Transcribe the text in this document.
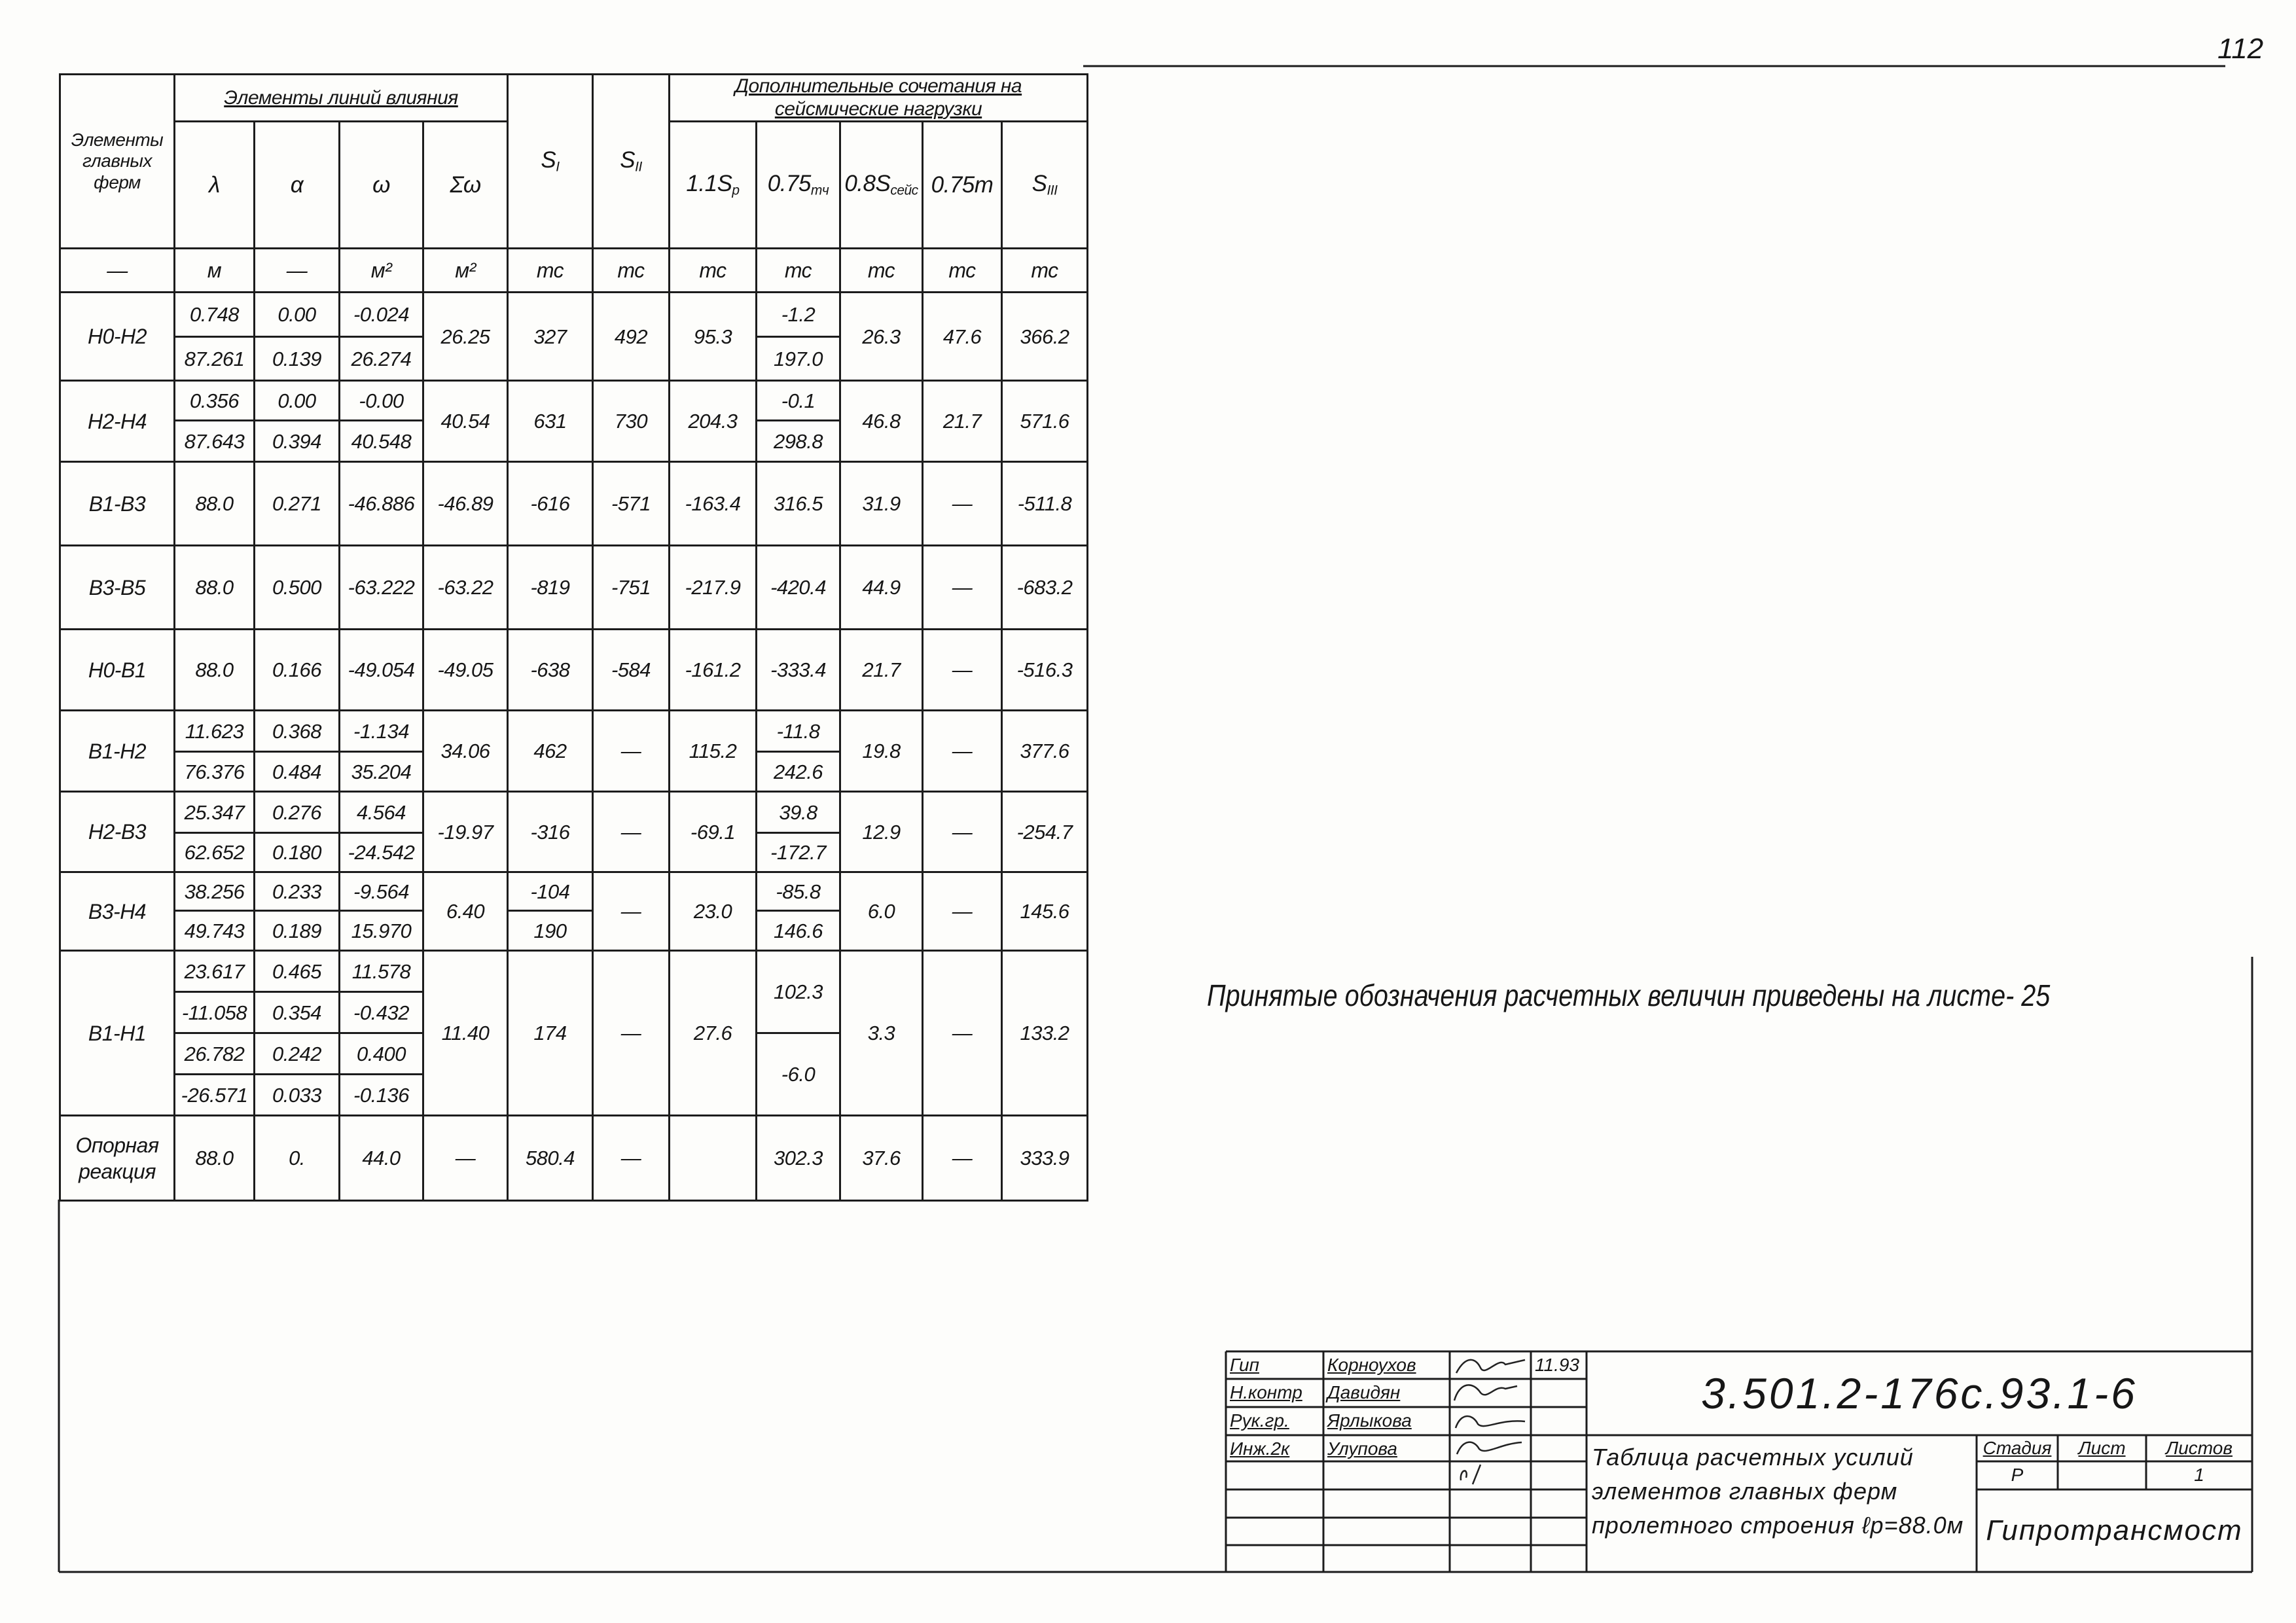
112
Элементы
главных
ферм	Элементы линий влияния				$S_I$	$S_{II}$	Дополнительные сочетания на
сейсмические нагрузки				

	λ	α	ω	Σω			$1.1S_р$	$0.75_{тч}$	$0.8S_{сейс}$	0.75т	$S_{III}$
—	м	—	м²	м²	тс	тс	тс	тс	тс	тс	тс
Н0-Н2	0.748	0.00	-0.024	26.25	327	492	95.3	-1.2	26.3	47.6	366.2
	87.261	0.139	26.274					197.0			
Н2-Н4	0.356	0.00	-0.00	40.54	631	730	204.3	-0.1	46.8	21.7	571.6
	87.643	0.394	40.548					298.8			
В1-В3	88.0	0.271	-46.886	-46.89	-616	-571	-163.4	316.5	31.9	—	-511.8
В3-В5	88.0	0.500	-63.222	-63.22	-819	-751	-217.9	-420.4	44.9	—	-683.2
Н0-В1	88.0	0.166	-49.054	-49.05	-638	-584	-161.2	-333.4	21.7	—	-516.3
В1-Н2	11.623	0.368	-1.134	34.06	462	—	115.2	-11.8	19.8	—	377.6
	76.376	0.484	35.204					242.6			
Н2-В3	25.347	0.276	4.564	-19.97	-316	—	-69.1	39.8	12.9	—	-254.7
	62.652	0.180	-24.542					-172.7			
В3-Н4	38.256	0.233	-9.564	6.40	-104	—	23.0	-85.8	6.0	—	145.6
	49.743	0.189	15.970		190			146.6			
В1-Н1	23.617	0.465	11.578	11.40	174	—	27.6	102.3	3.3	—	133.2
	-11.058	0.354	-0.432								
	26.782	0.242	0.400					-6.0			
	-26.571	0.033	-0.136								
Опорная реакция	88.0	0.	44.0	—	580.4	—		302.3	37.6	—	333.9
Принятые обозначения расчетных величин приведены на листе- 25
Гип	Корноухов	11.93
Н.контр	Давидян
Рук.гр.	Ярлыкова
Инж.2к	Улупова
3.501.2-176с.93.1-6
Таблица расчетных усилий
элементов главных ферм
пролетного строения ℓр=88.0м
Стадия	Лист	Листов
Р	1
Гипротрансмост
